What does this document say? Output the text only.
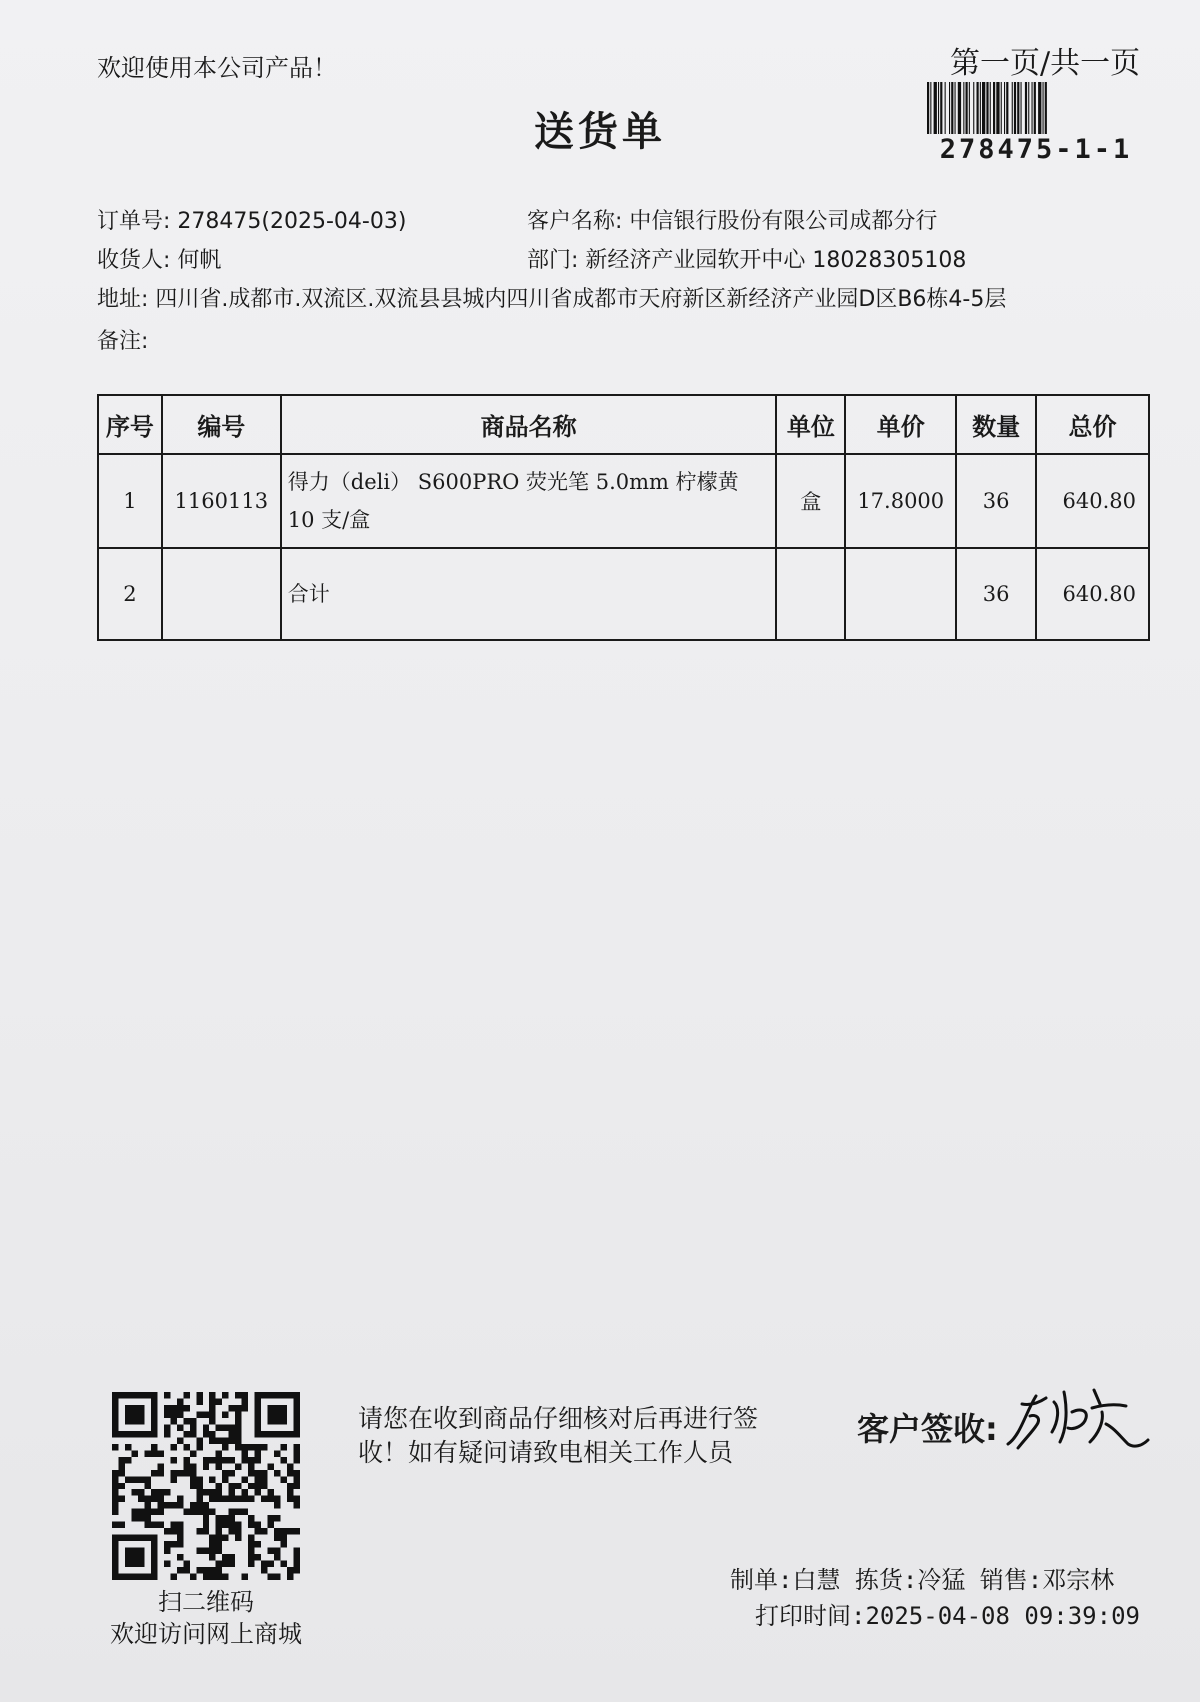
欢迎使用本公司产品！	第一页/共一页
278475-1-1
送货单
订单号: 278475(2025-04-03)	客户名称: 中信银行股份有限公司成都分行
收货人: 何帆	部门: 新经济产业园软开中心 18028305108
地址: 四川省.成都市.双流区.双流县县城内四川省成都市天府新区新经济产业园D区B6栋4-5层
备注:
序号	编号	商品名称	单位	单价	数量	总价
1	1160113	得力（deli） S600PRO 荧光笔 5.0mm 柠檬黄 10 支/盒	盒	17.8000	36	640.80
2		合计			36	640.80
扫二维码
欢迎访问网上商城
请您在收到商品仔细核对后再进行签收！如有疑问请致电相关工作人员
客户签收:
制单:白慧 拣货:冷猛 销售:邓宗林
打印时间:2025-04-08 09:39:09
